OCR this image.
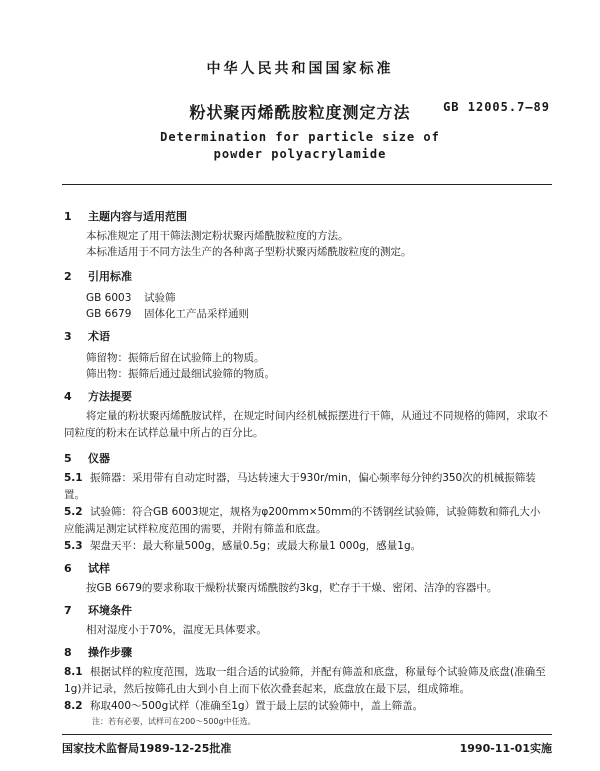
中华人民共和国国家标准
粉状聚丙烯酰胺粒度测定方法	GB 12005.7—89
Determination for particle size of
powder polyacrylamide
1 主题内容与适用范围
本标准规定了用干筛法测定粉状聚丙烯酰胺粒度的方法。
本标准适用于不同方法生产的各种离子型粉状聚丙烯酰胺粒度的测定。
2 引用标准
GB 6003 试验筛
GB 6679 固体化工产品采样通则
3 术语
筛留物：振筛后留在试验筛上的物质。
筛出物：振筛后通过最细试验筛的物质。
4 方法提要
将定量的粉状聚丙烯酰胺试样，在规定时间内经机械振摆进行干筛，从通过不同规格的筛网，求取不同粒度的粉末在试样总量中所占的百分比。
5 仪器
5.1 振筛器：采用带有自动定时器，马达转速大于930r/min，偏心频率每分钟约350次的机械振筛装置。
5.2 试验筛：符合GB 6003规定，规格为φ200mm×50mm的不锈钢丝试验筛，试验筛数和筛孔大小应能满足测定试样粒度范围的需要，并附有筛盖和底盘。
5.3 架盘天平：最大称量500g，感量0.5g；或最大称量1 000g，感量1g。
6 试样
按GB 6679的要求称取干燥粉状聚丙烯酰胺约3kg，贮存于干燥、密闭、洁净的容器中。
7 环境条件
相对湿度小于70%，温度无具体要求。
8 操作步骤
8.1 根据试样的粒度范围，选取一组合适的试验筛，并配有筛盖和底盘，称量每个试验筛及底盘(准确至1g)并记录，然后按筛孔由大到小自上而下依次叠套起来，底盘放在最下层，组成筛堆。
8.2 称取400～500g试样（准确至1g）置于最上层的试验筛中，盖上筛盖。
注：若有必要，试样可在200～500g中任选。
国家技术监督局1989-12-25批准	1990-11-01实施
